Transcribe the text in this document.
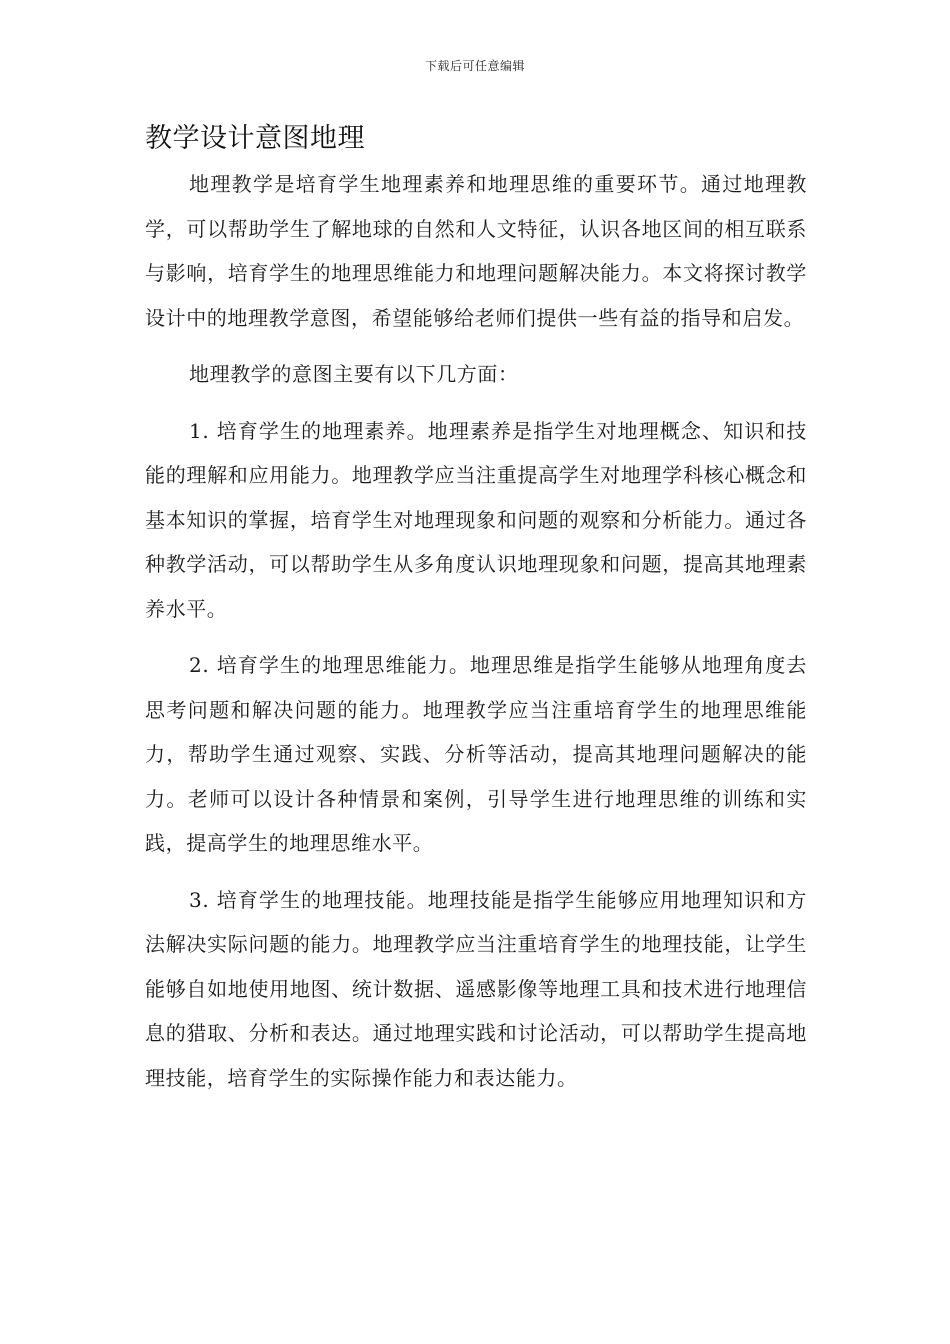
下载后可任意编辑
教学设计意图地理

地理教学是培育学生地理素养和地理思维的重要环节。通过地理教学，可以帮助学生了解地球的自然和人文特征，认识各地区间的相互联系与影响，培育学生的地理思维能力和地理问题解决能力。本文将探讨教学设计中的地理教学意图，希望能够给老师们提供一些有益的指导和启发。

地理教学的意图主要有以下几方面：

1. 培育学生的地理素养。地理素养是指学生对地理概念、知识和技能的理解和应用能力。地理教学应当注重提高学生对地理学科核心概念和基本知识的掌握，培育学生对地理现象和问题的观察和分析能力。通过各种教学活动，可以帮助学生从多角度认识地理现象和问题，提高其地理素养水平。

2. 培育学生的地理思维能力。地理思维是指学生能够从地理角度去思考问题和解决问题的能力。地理教学应当注重培育学生的地理思维能力，帮助学生通过观察、实践、分析等活动，提高其地理问题解决的能力。老师可以设计各种情景和案例，引导学生进行地理思维的训练和实践，提高学生的地理思维水平。

3. 培育学生的地理技能。地理技能是指学生能够应用地理知识和方法解决实际问题的能力。地理教学应当注重培育学生的地理技能，让学生能够自如地使用地图、统计数据、遥感影像等地理工具和技术进行地理信息的猎取、分析和表达。通过地理实践和讨论活动，可以帮助学生提高地理技能，培育学生的实际操作能力和表达能力。
